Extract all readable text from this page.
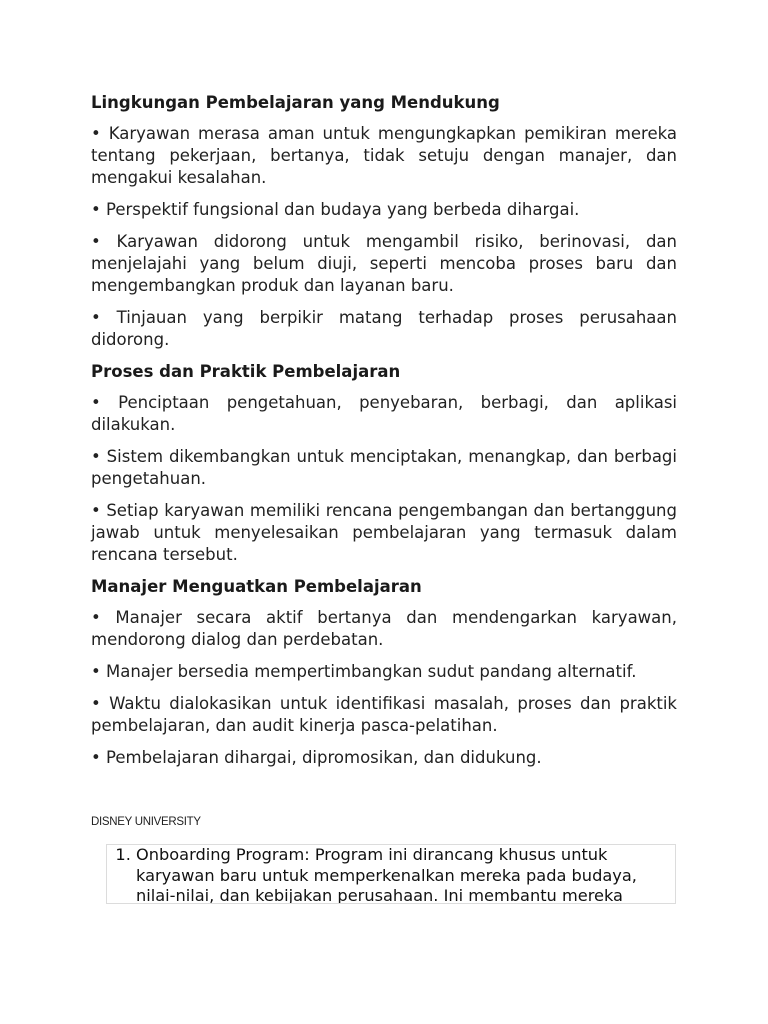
Lingkungan Pembelajaran yang Mendukung

• Karyawan merasa aman untuk mengungkapkan pemikiran mereka tentang pekerjaan, bertanya, tidak setuju dengan manajer, dan mengakui kesalahan.

• Perspektif fungsional dan budaya yang berbeda dihargai.

• Karyawan didorong untuk mengambil risiko, berinovasi, dan menjelajahi yang belum diuji, seperti mencoba proses baru dan mengembangkan produk dan layanan baru.

• Tinjauan yang berpikir matang terhadap proses perusahaan didorong.

Proses dan Praktik Pembelajaran

• Penciptaan pengetahuan, penyebaran, berbagi, dan aplikasi dilakukan.

• Sistem dikembangkan untuk menciptakan, menangkap, dan berbagi pengetahuan.

• Setiap karyawan memiliki rencana pengembangan dan bertanggung jawab untuk menyelesaikan pembelajaran yang termasuk dalam rencana tersebut.

Manajer Menguatkan Pembelajaran

• Manajer secara aktif bertanya dan mendengarkan karyawan, mendorong dialog dan perdebatan.

• Manajer bersedia mempertimbangkan sudut pandang alternatif.

• Waktu dialokasikan untuk identifikasi masalah, proses dan praktik pembelajaran, dan audit kinerja pasca-pelatihan.

• Pembelajaran dihargai, dipromosikan, dan didukung.

DISNEY UNIVERSITY
1. Onboarding Program: Program ini dirancang khusus untuk karyawan baru untuk memperkenalkan mereka pada budaya, nilai-nilai, dan kebijakan perusahaan. Ini membantu mereka
